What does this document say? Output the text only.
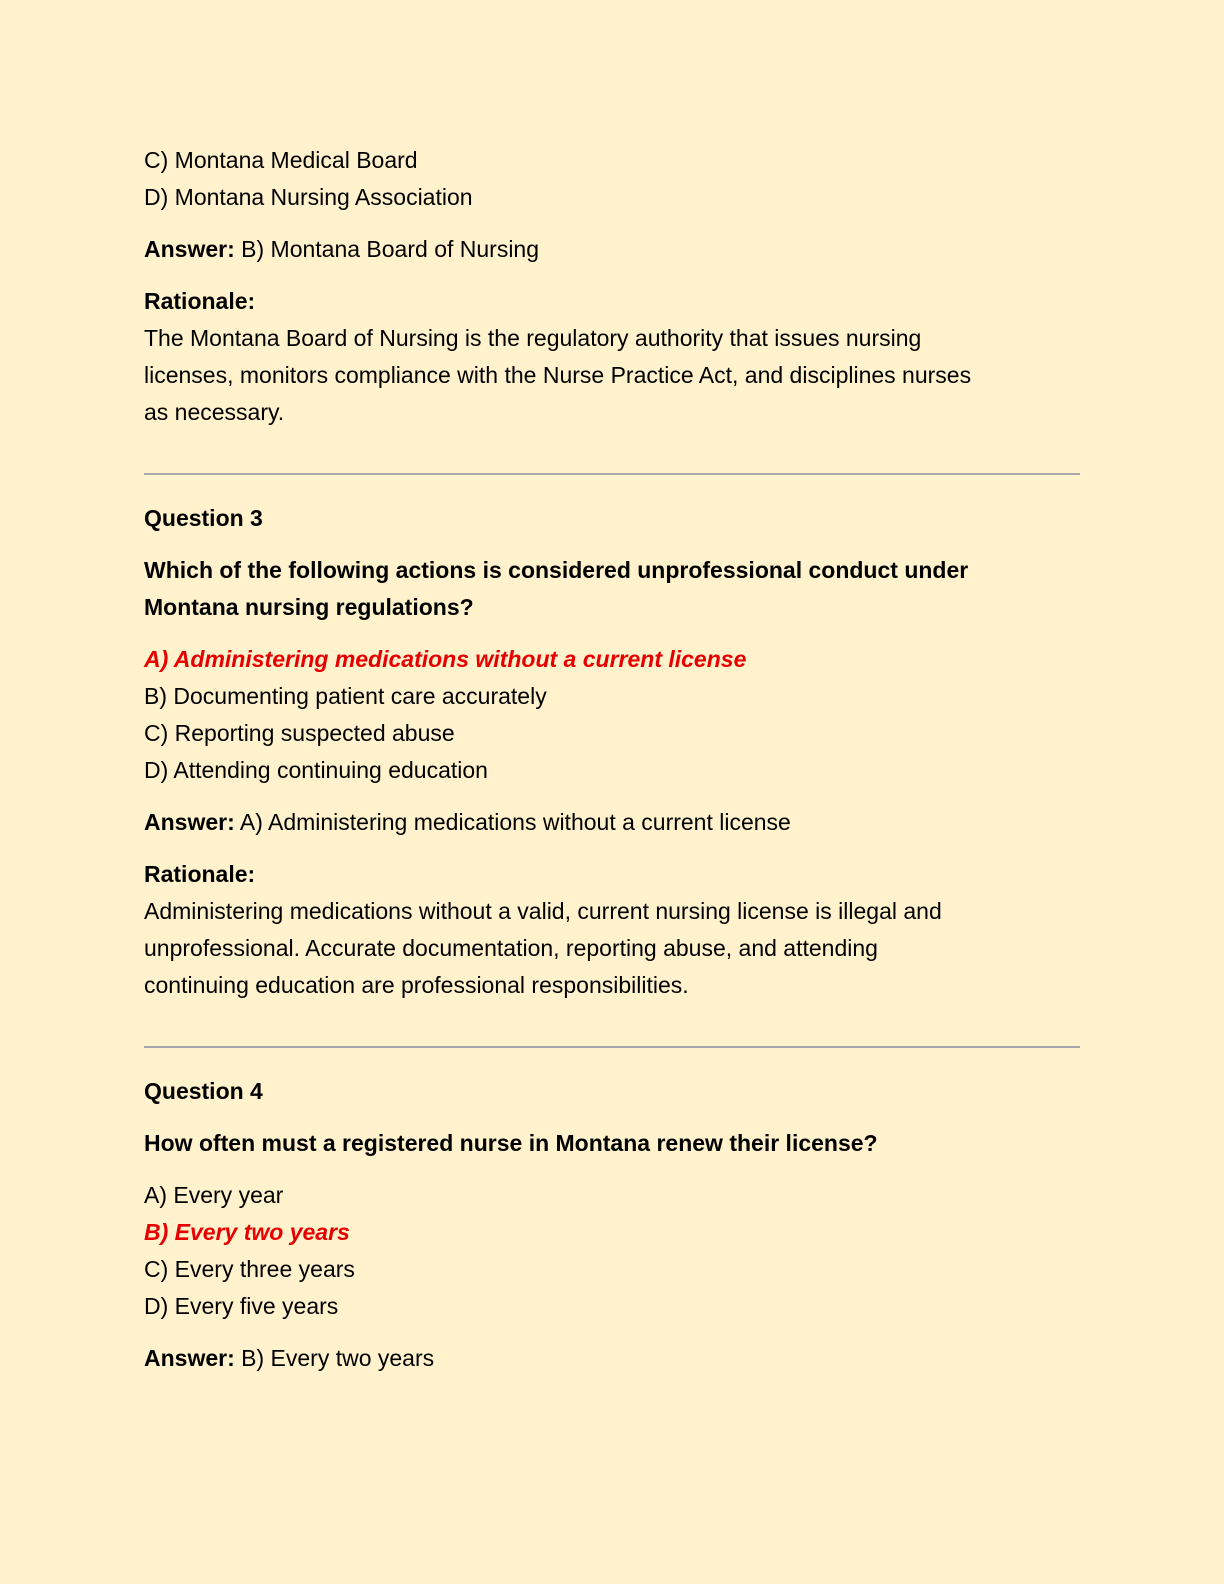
C) Montana Medical Board

D) Montana Nursing Association

Answer: B) Montana Board of Nursing

Rationale:

The Montana Board of Nursing is the regulatory authority that issues nursing

licenses, monitors compliance with the Nurse Practice Act, and disciplines nurses

as necessary.

Question 3

Which of the following actions is considered unprofessional conduct under

Montana nursing regulations?

A) Administering medications without a current license

B) Documenting patient care accurately

C) Reporting suspected abuse

D) Attending continuing education

Answer: A) Administering medications without a current license

Rationale:

Administering medications without a valid, current nursing license is illegal and

unprofessional. Accurate documentation, reporting abuse, and attending

continuing education are professional responsibilities.

Question 4

How often must a registered nurse in Montana renew their license?

A) Every year

B) Every two years

C) Every three years

D) Every five years

Answer: B) Every two years
